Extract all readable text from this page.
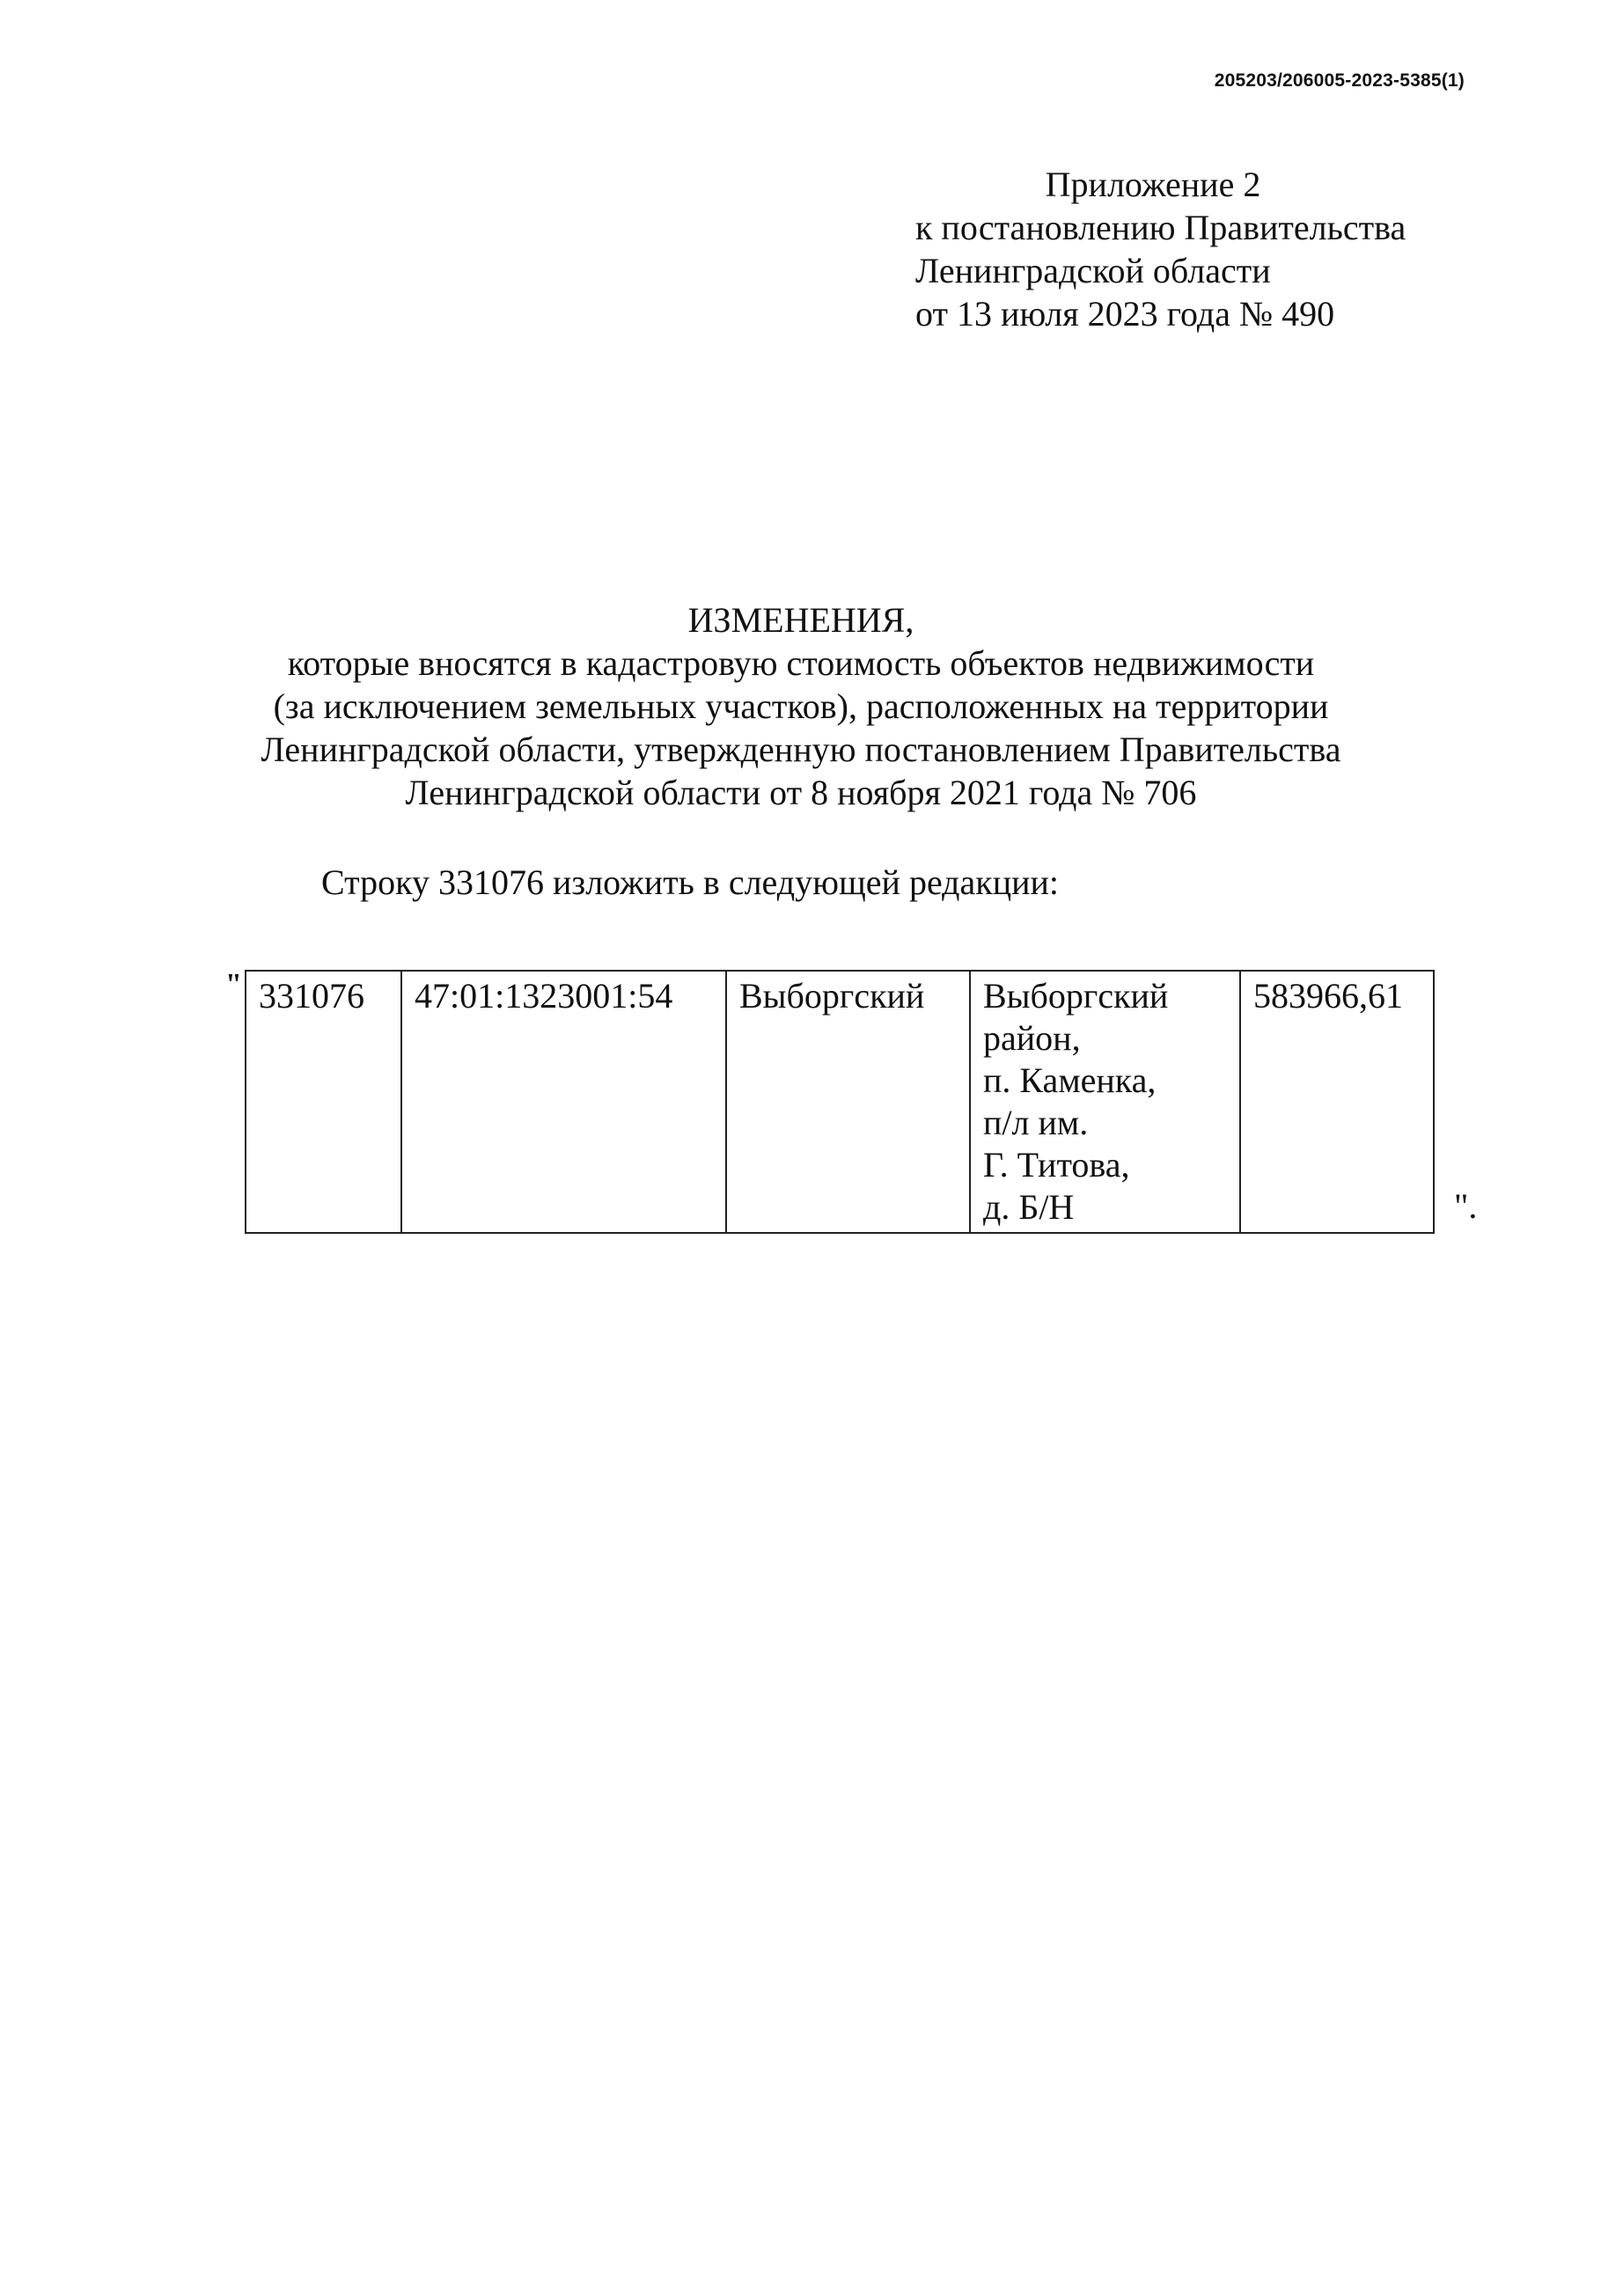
205203/206005-2023-5385(1)
Приложение 2
к постановлению Правительства
Ленинградской области
от 13 июля 2023 года № 490
ИЗМЕНЕНИЯ,
которые вносятся в кадастровую стоимость объектов недвижимости
(за исключением земельных участков), расположенных на территории
Ленинградской области, утвержденную постановлением Правительства
Ленинградской области от 8 ноября 2021 года № 706
Строку 331076 изложить в следующей редакции:
" 331076	47:01:1323001:54	Выборгский	Выборгский
район,
п. Каменка,
п/л им.
Г. Титова,
д. Б/Н
	583966,61
".
